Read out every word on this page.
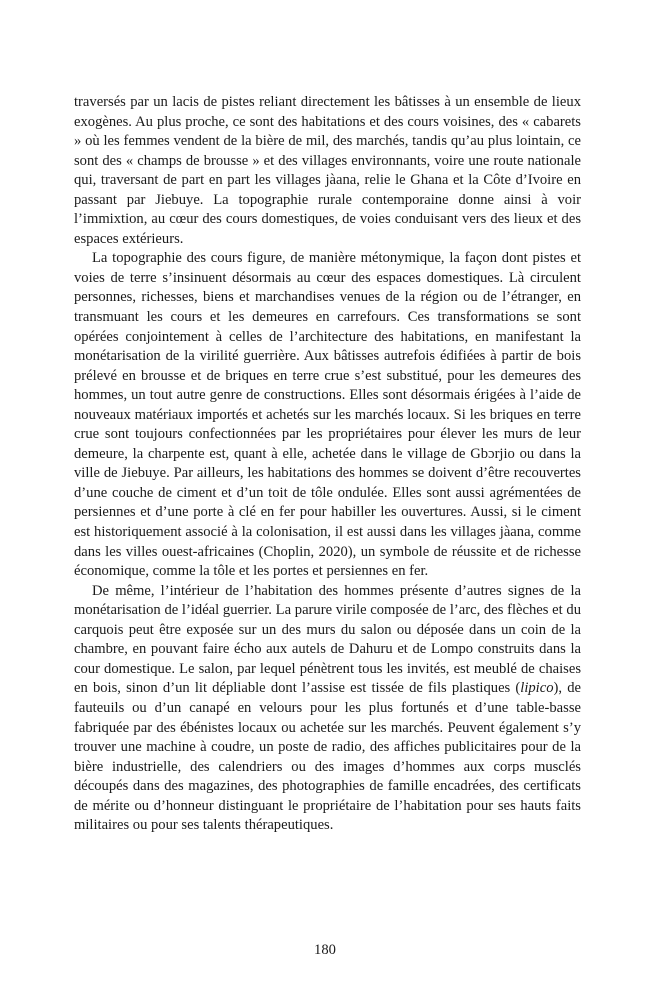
traversés par un lacis de pistes reliant directement les bâtisses à un ensemble de lieux exogènes. Au plus proche, ce sont des habitations et des cours voisines, des « cabarets » où les femmes vendent de la bière de mil, des marchés, tandis qu’au plus lointain, ce sont des « champs de brousse » et des villages environnants, voire une route nationale qui, traversant de part en part les villages jàana, relie le Ghana et la Côte d’Ivoire en passant par Jiebuye. La topographie rurale contemporaine donne ainsi à voir l’immixtion, au cœur des cours domestiques, de voies conduisant vers des lieux et des espaces extérieurs.

La topographie des cours figure, de manière métonymique, la façon dont pistes et voies de terre s’insinuent désormais au cœur des espaces domestiques. Là circulent personnes, richesses, biens et marchandises venues de la région ou de l’étranger, en transmuant les cours et les demeures en carrefours. Ces transformations se sont opérées conjointement à celles de l’architecture des habitations, en manifestant la monétarisation de la virilité guerrière. Aux bâtisses autrefois édifiées à partir de bois prélevé en brousse et de briques en terre crue s’est substitué, pour les demeures des hommes, un tout autre genre de constructions. Elles sont désormais érigées à l’aide de nouveaux matériaux importés et achetés sur les marchés locaux. Si les briques en terre crue sont toujours confectionnées par les propriétaires pour élever les murs de leur demeure, la charpente est, quant à elle, achetée dans le village de Gbɔrjio ou dans la ville de Jiebuye. Par ailleurs, les habitations des hommes se doivent d’être recouvertes d’une couche de ciment et d’un toit de tôle ondulée. Elles sont aussi agrémentées de persiennes et d’une porte à clé en fer pour habiller les ouvertures. Aussi, si le ciment est historiquement associé à la colonisation, il est aussi dans les villages jàana, comme dans les villes ouest-africaines (Choplin, 2020), un symbole de réussite et de richesse économique, comme la tôle et les portes et persiennes en fer.

De même, l’intérieur de l’habitation des hommes présente d’autres signes de la monétarisation de l’idéal guerrier. La parure virile composée de l’arc, des flèches et du carquois peut être exposée sur un des murs du salon ou déposée dans un coin de la chambre, en pouvant faire écho aux autels de Dahuru et de Lompo construits dans la cour domestique. Le salon, par lequel pénètrent tous les invités, est meublé de chaises en bois, sinon d’un lit dépliable dont l’assise est tissée de fils plastiques (lipico), de fauteuils ou d’un canapé en velours pour les plus fortunés et d’une table-basse fabriquée par des ébénistes locaux ou achetée sur les marchés. Peuvent également s’y trouver une machine à coudre, un poste de radio, des affiches publicitaires pour de la bière industrielle, des calendriers ou des images d’hommes aux corps musclés découpés dans des magazines, des photographies de famille encadrées, des certificats de mérite ou d’honneur distinguant le propriétaire de l’habitation pour ses hauts faits militaires ou pour ses talents thérapeutiques.

180
